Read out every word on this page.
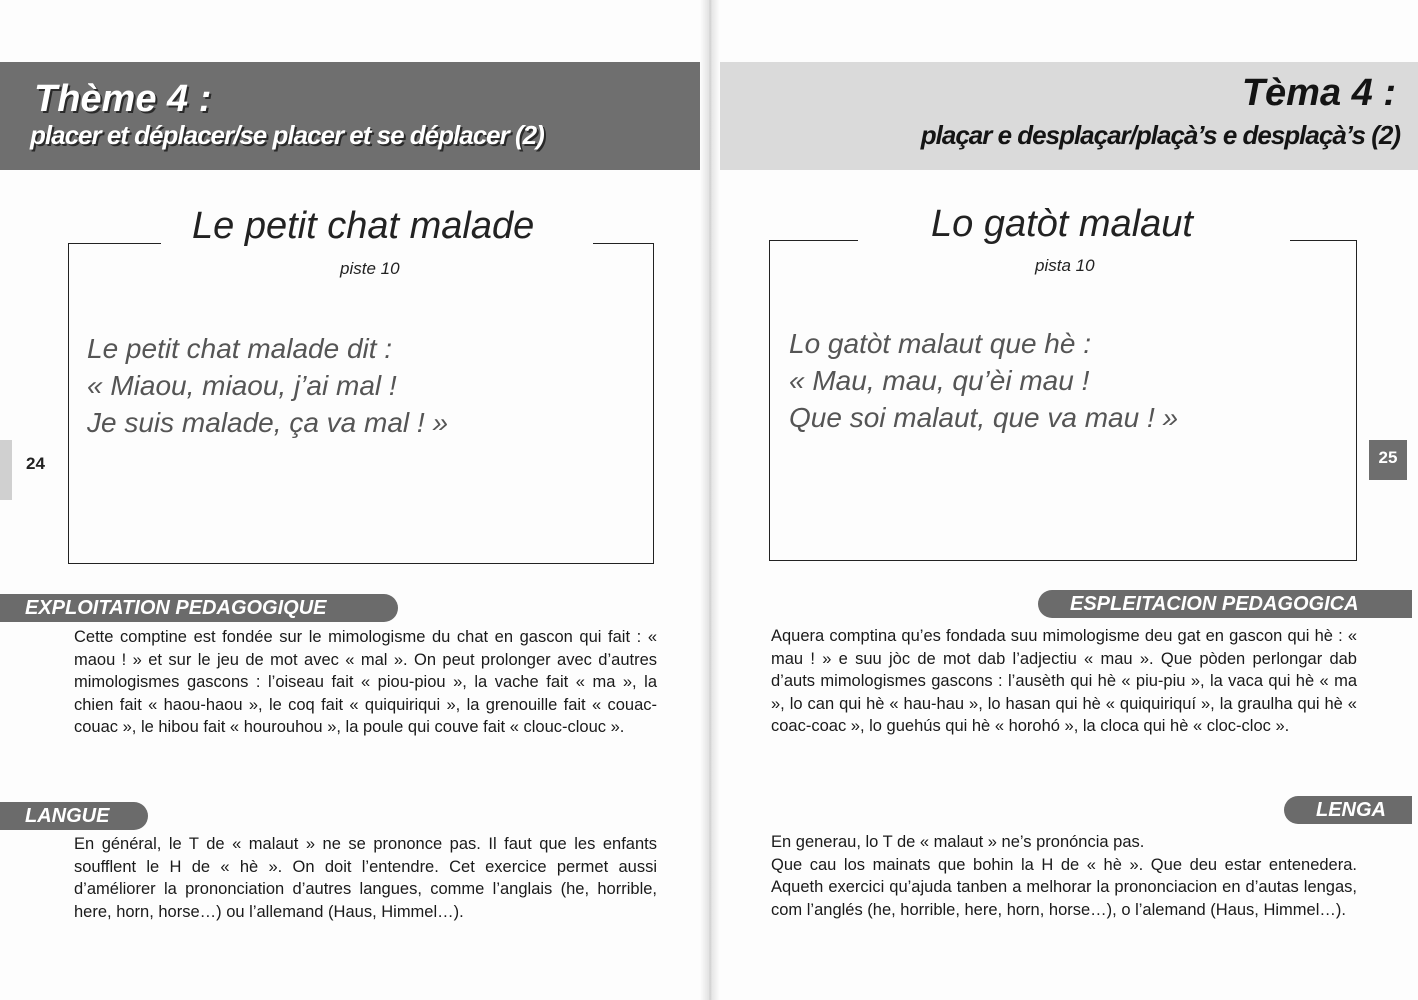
Thème 4 :
placer et déplacer/se placer et se déplacer (2)
Le petit chat malade
piste 10
Le petit chat malade dit :
« Miaou, miaou, j’ai mal !
Je suis malade, ça va mal ! »
24
EXPLOITATION PEDAGOGIQUE

Cette comptine est fondée sur le mimologisme du chat en gascon qui fait : « maou ! » et sur le jeu de mot avec « mal ». On peut prolonger avec d’autres mimologismes gascons : l’oiseau fait « piou-piou », la vache fait « ma », la chien fait « haou-haou », le coq fait « quiquiriqui », la grenouille fait « couac-couac », le hibou fait « hourouhou », la poule qui couve fait « clouc-clouc ».

LANGUE

En général, le T de « malaut » ne se prononce pas. Il faut que les enfants soufflent le H de « hè ». On doit l’entendre. Cet exercice permet aussi d’améliorer la prononciation d’autres langues, comme l’anglais (he, horrible, here, horn, horse…) ou l’allemand (Haus, Himmel…).

Tèma 4 :
plaçar e desplaçar/plaçà’s e desplaçà’s (2)
Lo gatòt malaut
pista 10
Lo gatòt malaut que hè :
« Mau, mau, qu’èi mau !
Que soi malaut, que va mau ! »
25
ESPLEITACION PEDAGOGICA

Aquera comptina qu’es fondada suu mimologisme deu gat en gascon qui hè : « mau ! » e suu jòc de mot dab l’adjectiu « mau ». Que pòden perlongar dab d’auts mimologismes gascons : l’ausèth qui hè « piu-piu », la vaca qui hè « ma », lo can qui hè « hau-hau », lo hasan qui hè « quiquiriquí », la graulha qui hè « coac-coac », lo guehús qui hè « horohó », la cloca qui hè « cloc-cloc ».

LENGA

En generau, lo T de « malaut » ne’s pronóncia pas.

Que cau los mainats que bohin la H de « hè ». Que deu estar entenedera. Aqueth exercici qu’ajuda tanben a melhorar la prononciacion en d’autas lengas, com l’anglés (he, horrible, here, horn, horse…), o l’alemand (Haus, Himmel…).
